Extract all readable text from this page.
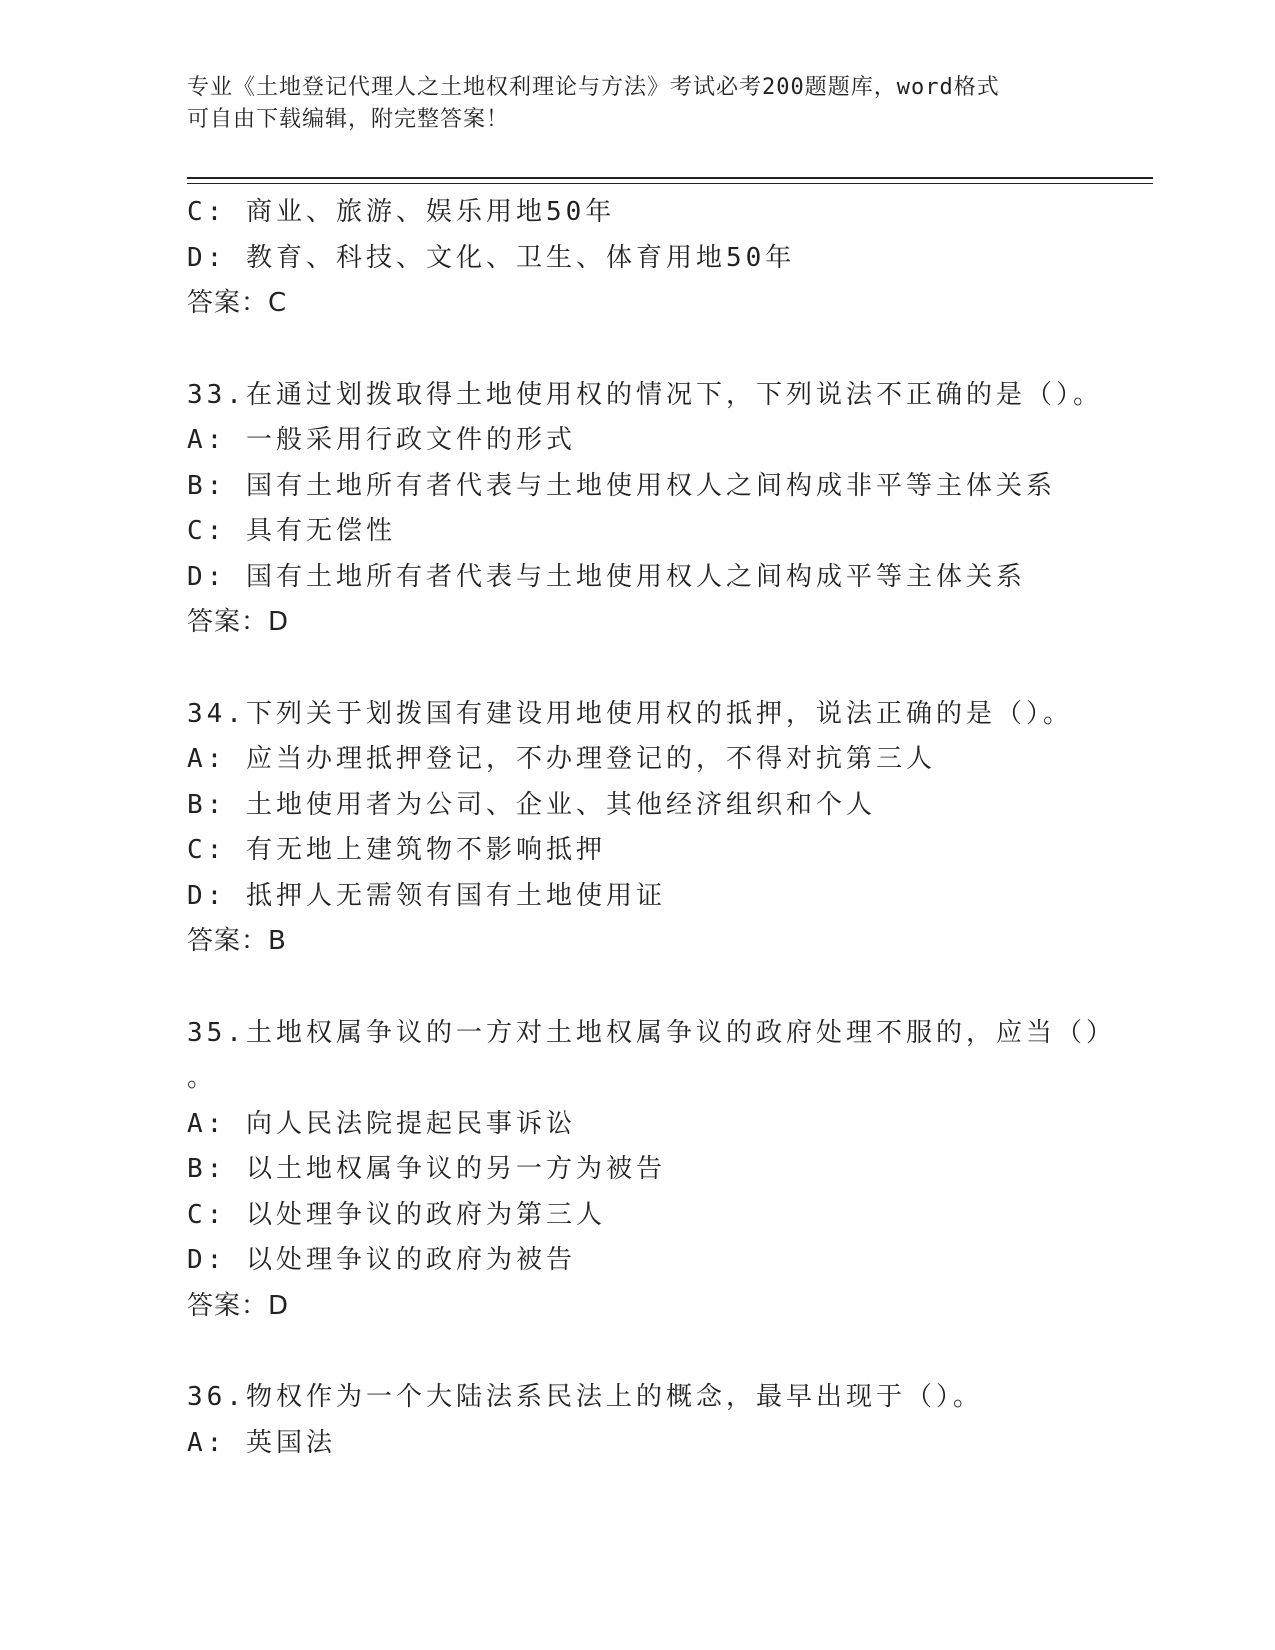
专业《土地登记代理人之土地权利理论与方法》考试必考200题题库，word格式
可自由下载编辑，附完整答案！
C: 商业、旅游、娱乐用地50年
D: 教育、科技、文化、卫生、体育用地50年
答案：C
33.在通过划拨取得土地使用权的情况下，下列说法不正确的是（）。
A: 一般采用行政文件的形式
B: 国有土地所有者代表与土地使用权人之间构成非平等主体关系
C: 具有无偿性
D: 国有土地所有者代表与土地使用权人之间构成平等主体关系
答案：D
34.下列关于划拨国有建设用地使用权的抵押，说法正确的是（）。
A: 应当办理抵押登记，不办理登记的，不得对抗第三人
B: 土地使用者为公司、企业、其他经济组织和个人
C: 有无地上建筑物不影响抵押
D: 抵押人无需领有国有土地使用证
答案：B
35.土地权属争议的一方对土地权属争议的政府处理不服的，应当（）
。
A: 向人民法院提起民事诉讼
B: 以土地权属争议的另一方为被告
C: 以处理争议的政府为第三人
D: 以处理争议的政府为被告
答案：D
36.物权作为一个大陆法系民法上的概念，最早出现于（）。
A: 英国法
